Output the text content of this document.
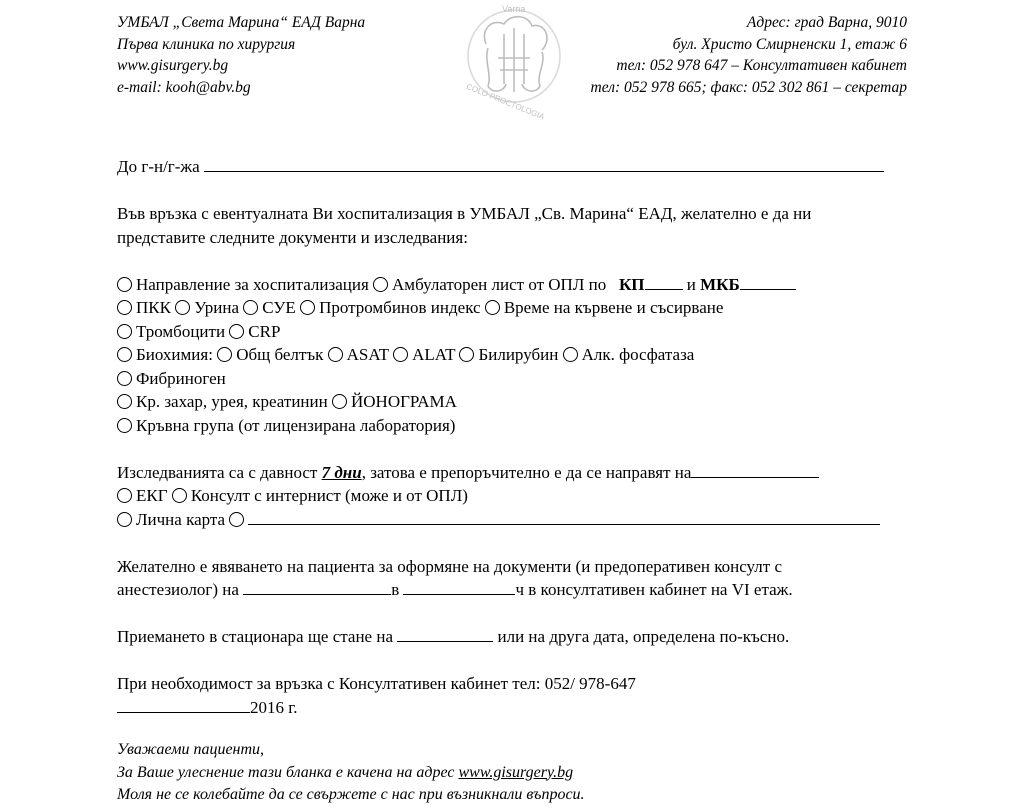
УМБАЛ „Света Марина“ ЕАД Варна
Първа клиника по хирургия
www.gisurgery.bg
e-mail: kooh@abv.bg
Varna
COLO PROCTOLOGIA
Адрес: град Варна, 9010
бул. Христо Смирненски 1, етаж 6
тел: 052 978 647 – Консултативен кабинет
тел: 052 978 665; факс: 052 302 861 – секретар
До г-н/г-жа
Във връзка с евентуалната Ви хоспитализация в УМБАЛ „Св. Марина“ ЕАД, желателно е да ни
представите следните документи и изследвания:
Направление за хоспитализация Амбулаторен лист от ОПЛ по КП и МКБ
ПКК Урина СУЕ Протромбинов индекс Време на кървене и съсирване
Тромбоцити CRP
Биохимия: Общ белтък ASAT ALAT Билирубин Алк. фосфатаза
Фибриноген
Кр. захар, урея, креатинин ЙОНОГРАМА
Кръвна група (от лицензирана лаборатория)
Изследванията са с давност 7 дни, затова е препоръчително е да се направят на
ЕКГ Консулт с интернист (може и от ОПЛ)
Лична карта
Желателно е явяването на пациента за оформяне на документи (и предоперативен консулт с
анестезиолог) на	в	ч в консултативен кабинет на VI етаж.
Приемането в стационара ще стане на	или на друга дата, определена по-късно.
При необходимост за връзка с Консултативен кабинет тел: 052/ 978-647
2016 г.
Уважаеми пациенти,
За Ваше улеснение тази бланка е качена на адрес www.gisurgery.bg
Моля не се колебайте да се свържете с нас при възникнали въпроси.
